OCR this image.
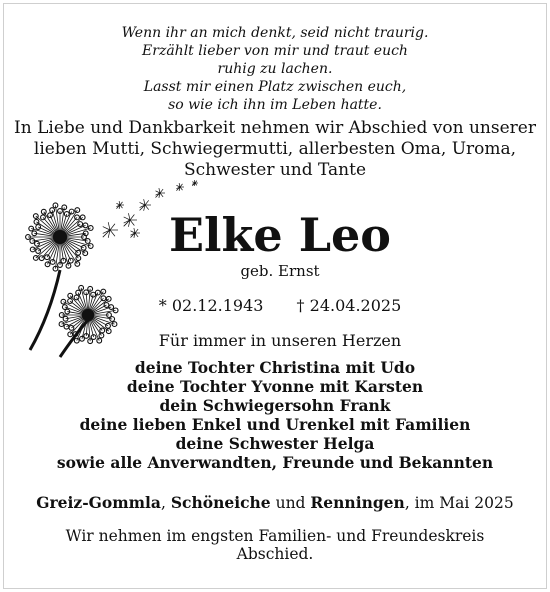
Wenn ihr an mich denkt, seid nicht traurig.
Erzählt lieber von mir und traut euch
ruhig zu lachen.
Lasst mir einen Platz zwischen euch,
so wie ich ihn im Leben hatte.
In Liebe und Dankbarkeit nehmen wir Abschied von unserer
lieben Mutti, Schwiegermutti, allerbesten Oma, Uroma,
Schwester und Tante
Elke Leo
geb. Ernst
* 02.12.1943 † 24.04.2025
Für immer in unseren Herzen
deine Tochter Christina mit Udo
deine Tochter Yvonne mit Karsten
dein Schwiegersohn Frank
deine lieben Enkel und Urenkel mit Familien
deine Schwester Helga
sowie alle Anverwandten, Freunde und Bekannten
Greiz-Gommla, Schöneiche und Renningen, im Mai 2025
Wir nehmen im engsten Familien- und Freundeskreis
Abschied.
